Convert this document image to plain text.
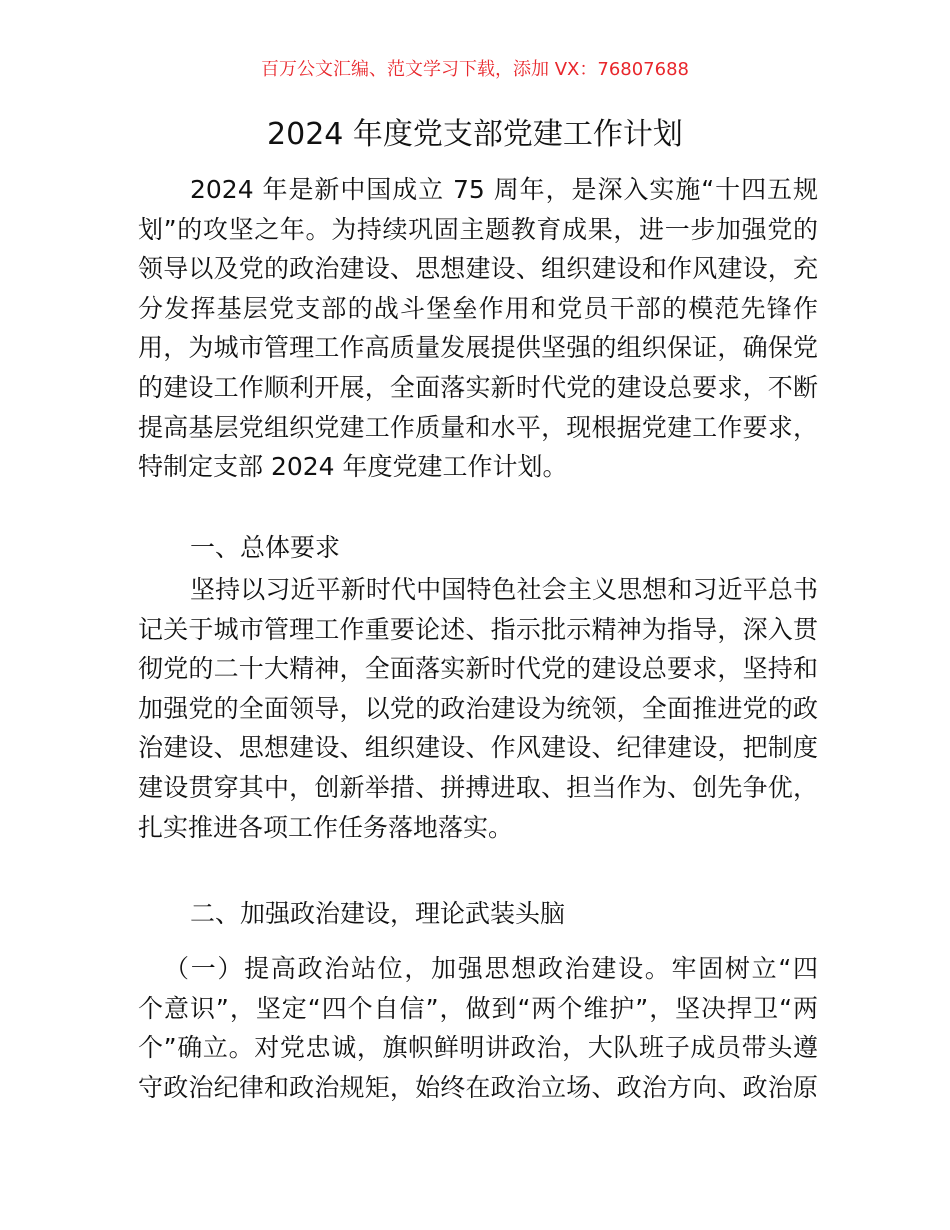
百万公文汇编、范文学习下载，添加 VX：76807688
2024 年度党支部党建工作计划
2024 年是新中国成立 75 周年，是深入实施“十四五规
划”的攻坚之年。为持续巩固主题教育成果，进一步加强党的
领导以及党的政治建设、思想建设、组织建设和作风建设，充
分发挥基层党支部的战斗堡垒作用和党员干部的模范先锋作
用，为城市管理工作高质量发展提供坚强的组织保证，确保党
的建设工作顺利开展，全面落实新时代党的建设总要求，不断
提高基层党组织党建工作质量和水平，现根据党建工作要求，
特制定支部 2024 年度党建工作计划。
一、总体要求
坚持以习近平新时代中国特色社会主义思想和习近平总书
记关于城市管理工作重要论述、指示批示精神为指导，深入贯
彻党的二十大精神，全面落实新时代党的建设总要求，坚持和
加强党的全面领导，以党的政治建设为统领，全面推进党的政
治建设、思想建设、组织建设、作风建设、纪律建设，把制度
建设贯穿其中，创新举措、拼搏进取、担当作为、创先争优，
扎实推进各项工作任务落地落实。
二、加强政治建设，理论武装头脑
（一）提高政治站位，加强思想政治建设。牢固树立“四
个意识”，坚定“四个自信”，做到“两个维护”，坚决捍卫“两
个”确立。对党忠诚，旗帜鲜明讲政治，大队班子成员带头遵
守政治纪律和政治规矩，始终在政治立场、政治方向、政治原
